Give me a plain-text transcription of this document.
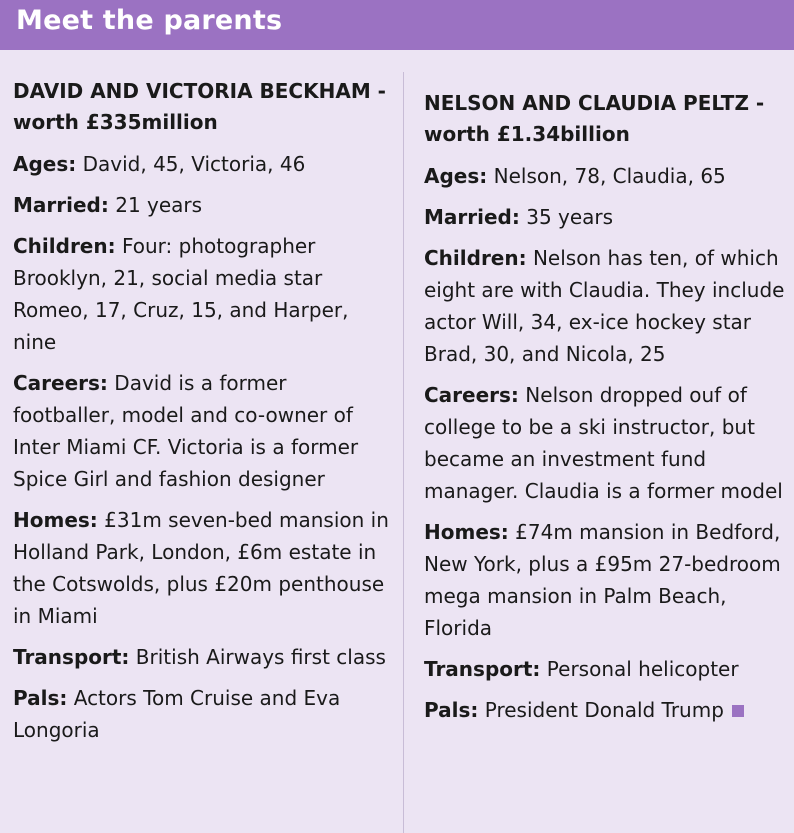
Meet the parents
DAVID AND VICTORIA BECKHAM -
worth £335million
Ages: David, 45, Victoria, 46
Married: 21 years
Children: Four: photographer Brooklyn, 21, social media star Romeo, 17, Cruz, 15, and Harper, nine
Careers: David is a former footballer, model and co-owner of Inter Miami CF. Victoria is a former Spice Girl and fashion designer
Homes: £31m seven-bed mansion in Holland Park, London, £6m estate in the Cotswolds, plus £20m penthouse in Miami
Transport: British Airways first class
Pals: Actors Tom Cruise and Eva Longoria
NELSON AND CLAUDIA PELTZ -
worth £1.34billion
Ages: Nelson, 78, Claudia, 65
Married: 35 years
Children: Nelson has ten, of which eight are with Claudia. They include actor Will, 34, ex-ice hockey star Brad, 30, and Nicola, 25
Careers: Nelson dropped ouf of college to be a ski instructor, but became an investment fund manager. Claudia is a former model
Homes: £74m mansion in Bedford, New York, plus a £95m 27-bedroom mega mansion in Palm Beach, Florida
Transport: Personal helicopter
Pals: President Donald Trump
